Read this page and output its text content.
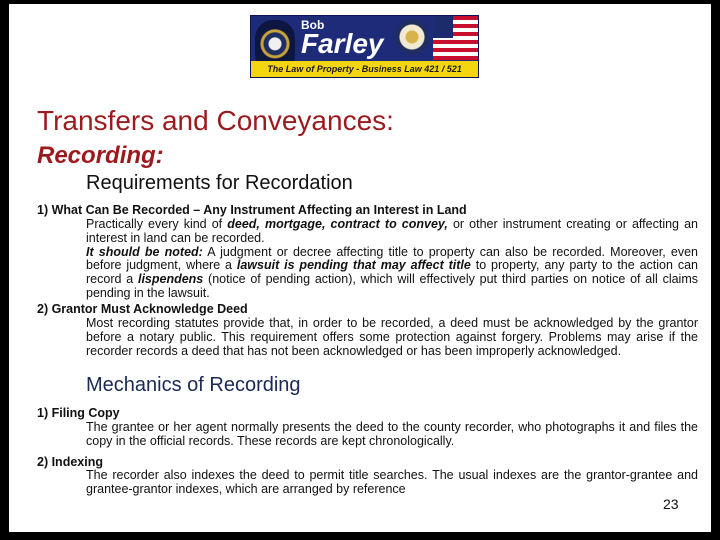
Bob
Farley
The Law of Property - Business Law 421 / 521
Transfers and Conveyances:
Recording:
Requirements for Recordation
1) What Can Be Recorded – Any Instrument Affecting an Interest in Land
Practically every kind of deed, mortgage, contract to convey, or other instrument creating or affecting an interest in land can be recorded.
It should be noted: A judgment or decree affecting title to property can also be recorded. Moreover, even before judgment, where a lawsuit is pending that may affect title to property, any party to the action can record a lispendens (notice of pending action), which will effectively put third parties on notice of all claims pending in the lawsuit.
2) Grantor Must Acknowledge Deed
Most recording statutes provide that, in order to be recorded, a deed must be acknowledged by the grantor before a notary public. This requirement offers some protection against forgery. Problems may arise if the recorder records a deed that has not been acknowledged or has been improperly acknowledged.
Mechanics of Recording
1) Filing Copy
The grantee or her agent normally presents the deed to the county recorder, who photographs it and files the copy in the official records. These records are kept chronologically.
2) Indexing
The recorder also indexes the deed to permit title searches. The usual indexes are the grantor-grantee and grantee-grantor indexes, which are arranged by reference
23
